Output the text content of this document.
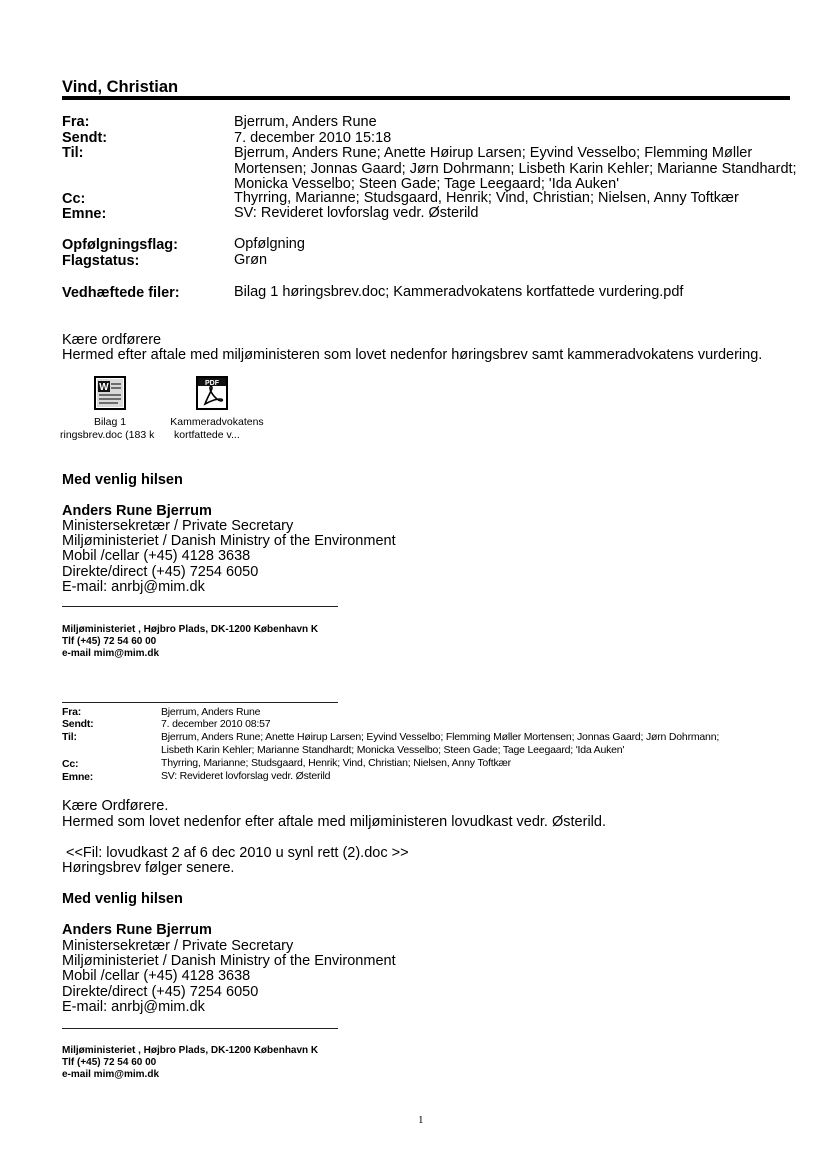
Vind, Christian
Fra:	Bjerrum, Anders Rune
Sendt:	7. december 2010 15:18
Til:	Bjerrum, Anders Rune; Anette Høirup Larsen; Eyvind Vesselbo; Flemming Møller
Mortensen; Jonnas Gaard; Jørn Dohrmann; Lisbeth Karin Kehler; Marianne Standhardt;
Monicka Vesselbo; Steen Gade; Tage Leegaard; 'Ida Auken'
Cc:	Thyrring, Marianne; Studsgaard, Henrik; Vind, Christian; Nielsen, Anny Toftkær
Emne:	SV: Revideret lovforslag vedr. Østerild
Opfølgningsflag:	Opfølgning
Flagstatus:	Grøn
Vedhæftede filer:	Bilag 1 høringsbrev.doc; Kammeradvokatens kortfattede vurdering.pdf
Kære ordførere
Hermed efter aftale med miljøministeren som lovet nedenfor høringsbrev samt kammeradvokatens vurdering.
W
Bilag 1
ringsbrev.doc (183 k
PDF
Kammeradvokatens
kortfattede v...
Med venlig hilsen
Anders Rune Bjerrum
Ministersekretær / Private Secretary
Miljøministeriet / Danish Ministry of the Environment
Mobil /cellar (+45) 4128 3638
Direkte/direct (+45) 7254 6050
E-mail: anrbj@mim.dk
Miljøministeriet , Højbro Plads, DK-1200 København K
Tlf (+45) 72 54 60 00
e-mail mim@mim.dk
Fra:	Bjerrum, Anders Rune
Sendt:	7. december 2010 08:57
Til:	Bjerrum, Anders Rune; Anette Høirup Larsen; Eyvind Vesselbo; Flemming Møller Mortensen; Jonnas Gaard; Jørn Dohrmann;
Lisbeth Karin Kehler; Marianne Standhardt; Monicka Vesselbo; Steen Gade; Tage Leegaard; 'Ida Auken'
Cc:	Thyrring, Marianne; Studsgaard, Henrik; Vind, Christian; Nielsen, Anny Toftkær
Emne:	SV: Revideret lovforslag vedr. Østerild
Kære Ordførere.
Hermed som lovet nedenfor efter aftale med miljøministeren lovudkast vedr. Østerild.
<<Fil: lovudkast 2 af 6 dec 2010 u synl rett (2).doc >>
Høringsbrev følger senere.
Med venlig hilsen
Anders Rune Bjerrum
Ministersekretær / Private Secretary
Miljøministeriet / Danish Ministry of the Environment
Mobil /cellar (+45) 4128 3638
Direkte/direct (+45) 7254 6050
E-mail: anrbj@mim.dk
Miljøministeriet , Højbro Plads, DK-1200 København K
Tlf (+45) 72 54 60 00
e-mail mim@mim.dk
1
